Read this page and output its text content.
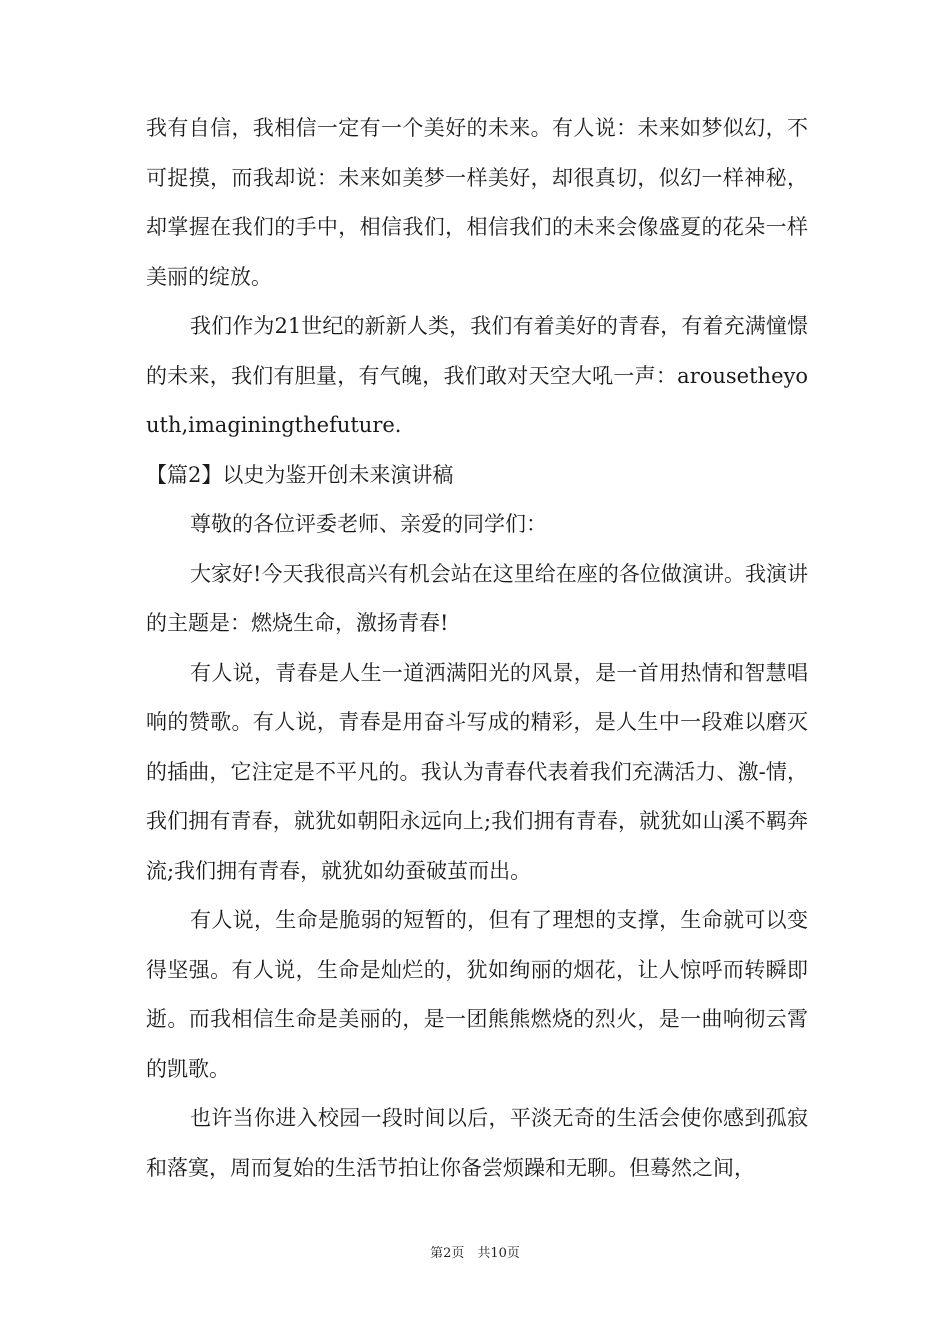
我有自信，我相信一定有一个美好的未来。有人说：未来如梦似幻，不可捉摸，而我却说：未来如美梦一样美好，却很真切，似幻一样神秘，却掌握在我们的手中，相信我们，相信我们的未来会像盛夏的花朵一样美丽的绽放。

我们作为21世纪的新新人类，我们有着美好的青春，有着充满憧憬的未来，我们有胆量，有气魄，我们敢对天空大吼一声：arousetheyouth,imaginingthefuture.

【篇2】以史为鉴开创未来演讲稿

尊敬的各位评委老师、亲爱的同学们：

大家好!今天我很高兴有机会站在这里给在座的各位做演讲。我演讲的主题是：燃烧生命，激扬青春!

有人说，青春是人生一道洒满阳光的风景，是一首用热情和智慧唱响的赞歌。有人说，青春是用奋斗写成的精彩，是人生中一段难以磨灭的插曲，它注定是不平凡的。我认为青春代表着我们充满活力、激-情，我们拥有青春，就犹如朝阳永远向上;我们拥有青春，就犹如山溪不羁奔流;我们拥有青春，就犹如幼蚕破茧而出。

有人说，生命是脆弱的短暂的，但有了理想的支撑，生命就可以变得坚强。有人说，生命是灿烂的，犹如绚丽的烟花，让人惊呼而转瞬即逝。而我相信生命是美丽的，是一团熊熊燃烧的烈火，是一曲响彻云霄的凯歌。

也许当你进入校园一段时间以后，平淡无奇的生活会使你感到孤寂和落寞，周而复始的生活节拍让你备尝烦躁和无聊。但蓦然之间，

第2页　共10页
